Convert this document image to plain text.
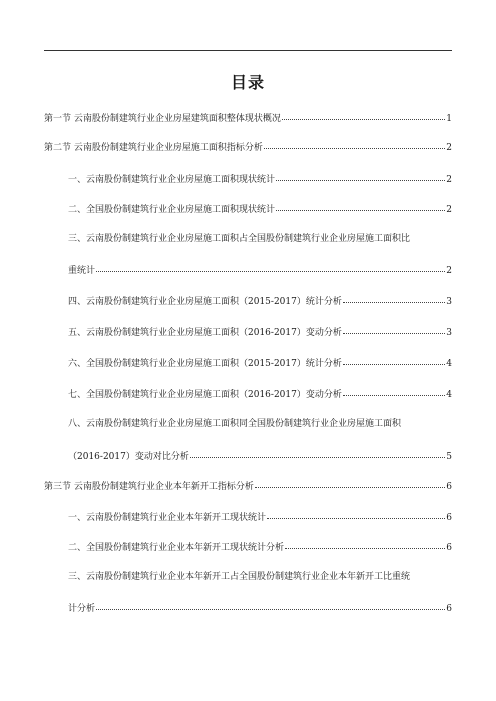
目录
第一节 云南股份制建筑行业企业房屋建筑面积整体现状概况	1
第二节 云南股份制建筑行业企业房屋施工面积指标分析	2
一、云南股份制建筑行业企业房屋施工面积现状统计	2
二、全国股份制建筑行业企业房屋施工面积现状统计	2
三、云南股份制建筑行业企业房屋施工面积占全国股份制建筑行业企业房屋施工面积比
重统计	2
四、云南股份制建筑行业企业房屋施工面积（2015-2017）统计分析	3
五、云南股份制建筑行业企业房屋施工面积（2016-2017）变动分析	3
六、全国股份制建筑行业企业房屋施工面积（2015-2017）统计分析	4
七、全国股份制建筑行业企业房屋施工面积（2016-2017）变动分析	4
八、云南股份制建筑行业企业房屋施工面积同全国股份制建筑行业企业房屋施工面积
（2016-2017）变动对比分析	5
第三节 云南股份制建筑行业企业本年新开工指标分析	6
一、云南股份制建筑行业企业本年新开工现状统计	6
二、全国股份制建筑行业企业本年新开工现状统计分析	6
三、云南股份制建筑行业企业本年新开工占全国股份制建筑行业企业本年新开工比重统
计分析	6
